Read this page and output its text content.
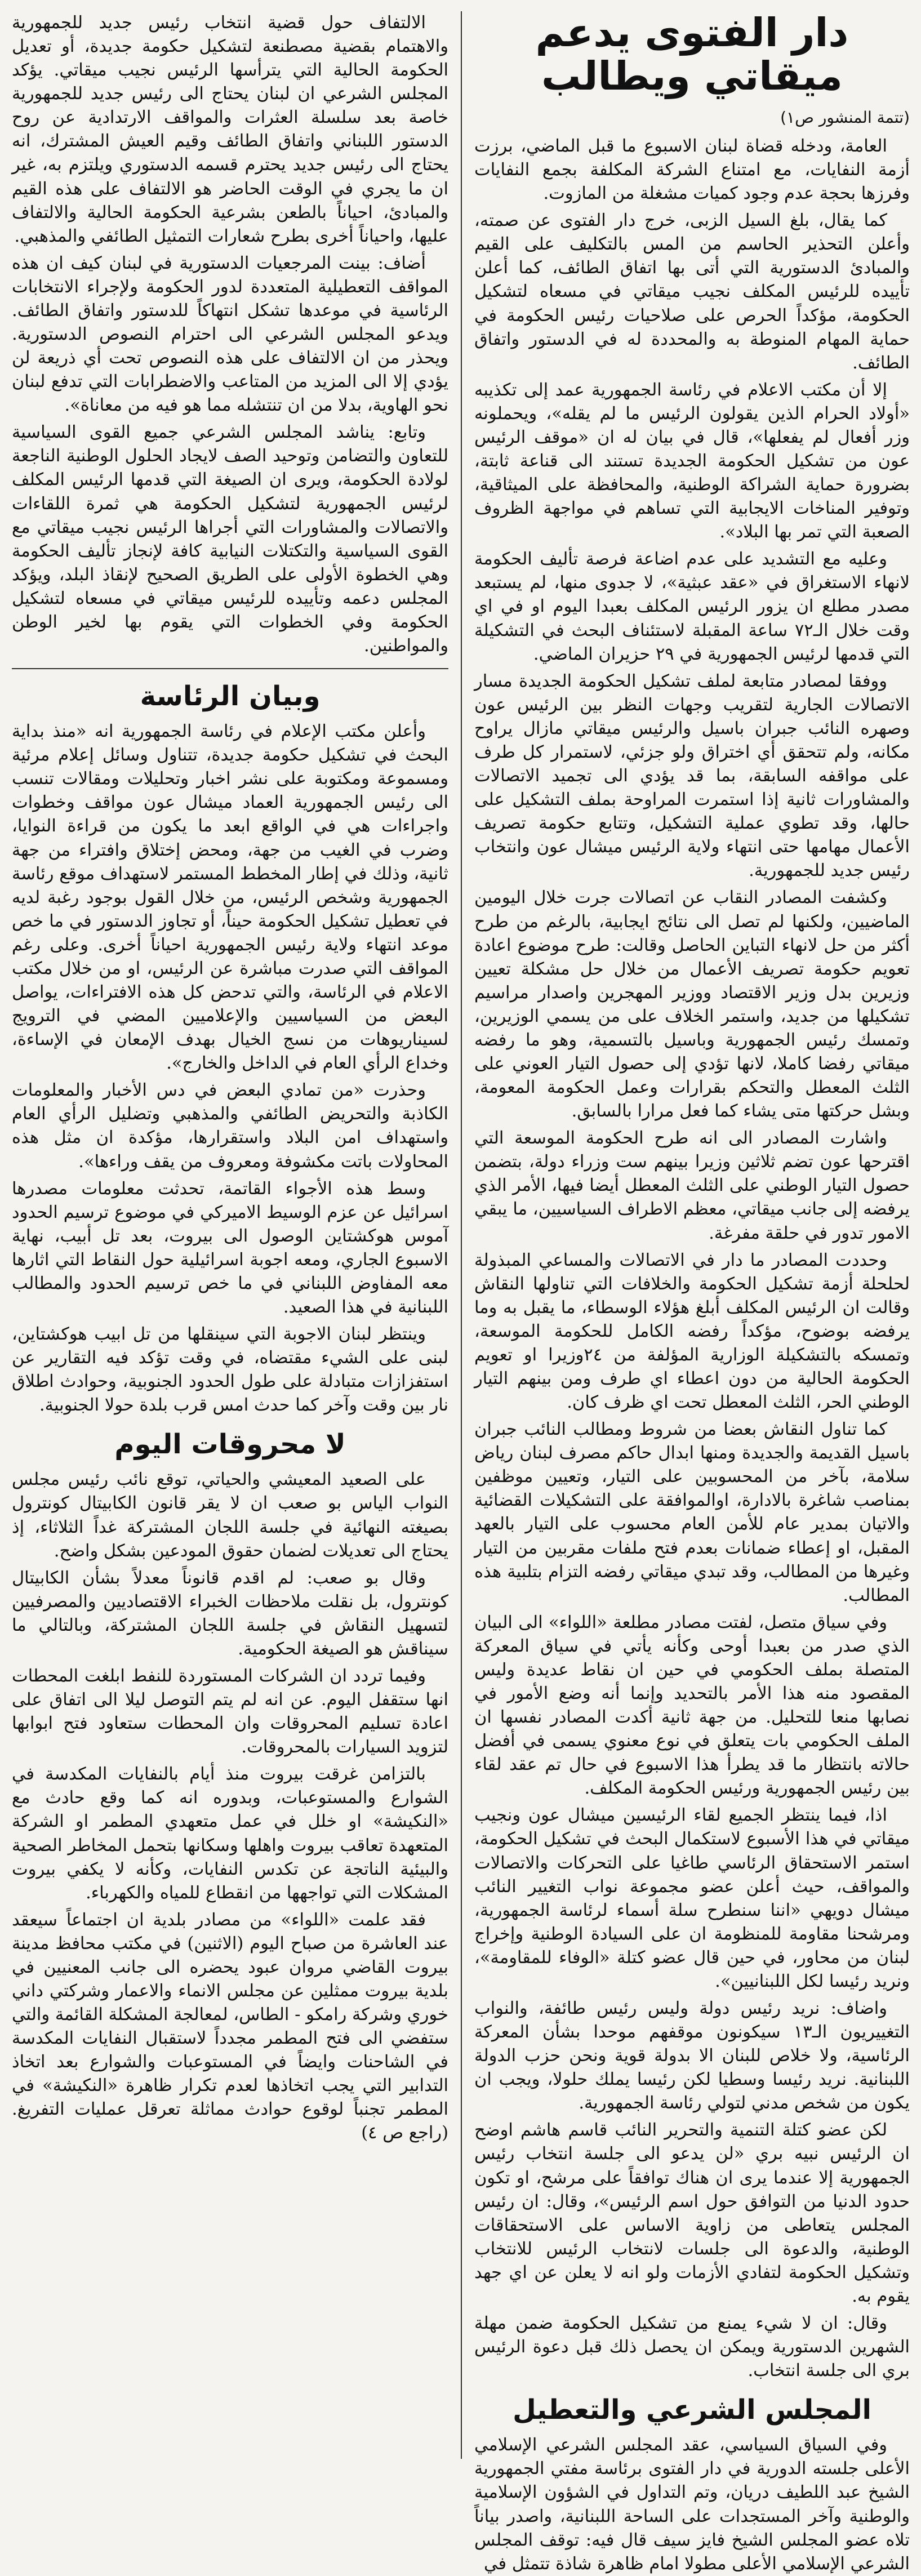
دار الفتوى يدعم ميقاتي ويطالب
(تتمة المنشور ص١)

العامة، ودخله قضاة لبنان الاسبوع ما قبل الماضي، برزت أزمة النفايات، مع امتناع الشركة المكلفة بجمع النفايات وفرزها بحجة عدم وجود كميات مشغلة من المازوت.

كما يقال، بلغ السيل الزبى، خرج دار الفتوى عن صمته، وأعلن التحذير الحاسم من المس بالتكليف على القيم والمبادئ الدستورية التي أتى بها اتفاق الطائف، كما أعلن تأييده للرئيس المكلف نجيب ميقاتي في مسعاه لتشكيل الحكومة، مؤكداً الحرص على صلاحيات رئيس الحكومة في حماية المهام المنوطة به والمحددة له في الدستور واتفاق الطائف.

إلا أن مكتب الاعلام في رئاسة الجمهورية عمد إلى تكذيبه «أولاد الحرام الذين يقولون الرئيس ما لم يقله»، ويحملونه وزر أفعال لم يفعلها»، قال في بيان له ان «موقف الرئيس عون من تشكيل الحكومة الجديدة تستند الى قناعة ثابتة، بضرورة حماية الشراكة الوطنية، والمحافظة على الميثاقية، وتوفير المناخات الايجابية التي تساهم في مواجهة الظروف الصعبة التي تمر بها البلاد».

وعليه مع التشديد على عدم اضاعة فرصة تأليف الحكومة لانهاء الاستغراق في «عقد عبثية»، لا جدوى منها، لم يستبعد مصدر مطلع ان يزور الرئيس المكلف بعبدا اليوم او في اي وقت خلال الـ٧٢ ساعة المقبلة لاستئناف البحث في التشكيلة التي قدمها لرئيس الجمهورية في ٢٩ حزيران الماضي.

ووفقا لمصادر متابعة لملف تشكيل الحكومة الجديدة مسار الاتصالات الجارية لتقريب وجهات النظر بين الرئيس عون وصهره النائب جبران باسيل والرئيس ميقاتي مازال يراوح مكانه، ولم تتحقق أي اختراق ولو جزئي، لاستمرار كل طرف على مواقفه السابقة، بما قد يؤدي الى تجميد الاتصالات والمشاورات ثانية إذا استمرت المراوحة بملف التشكيل على حالها، وقد تطوي عملية التشكيل، وتتابع حكومة تصريف الأعمال مهامها حتى انتهاء ولاية الرئيس ميشال عون وانتخاب رئيس جديد للجمهورية.

وكشفت المصادر النقاب عن اتصالات جرت خلال اليومين الماضيين، ولكنها لم تصل الى نتائج ايجابية، بالرغم من طرح أكثر من حل لانهاء التباين الحاصل وقالت: طرح موضوع اعادة تعويم حكومة تصريف الأعمال من خلال حل مشكلة تعيين وزيرين بدل وزير الاقتصاد ووزير المهجرين واصدار مراسيم تشكيلها من جديد، واستمر الخلاف على من يسمي الوزيرين، وتمسك رئيس الجمهورية وباسيل بالتسمية، وهو ما رفضه ميقاتي رفضا كاملا، لانها تؤدي إلى حصول التيار العوني على الثلث المعطل والتحكم بقرارات وعمل الحكومة المعومة، وبشل حركتها متى يشاء كما فعل مرارا بالسابق.

واشارت المصادر الى انه طرح الحكومة الموسعة التي اقترحها عون تضم ثلاثين وزيرا بينهم ست وزراء دولة، بتضمن حصول التيار الوطني على الثلث المعطل أيضا فيها، الأمر الذي يرفضه إلى جانب ميقاتي، معظم الاطراف السياسيين، ما يبقي الامور تدور في حلقة مفرغة.

وحددت المصادر ما دار في الاتصالات والمساعي المبذولة لحلحلة أزمة تشكيل الحكومة والخلافات التي تناولها النقاش وقالت ان الرئيس المكلف أبلغ هؤلاء الوسطاء، ما يقبل به وما يرفضه بوضوح، مؤكداً رفضه الكامل للحكومة الموسعة، وتمسكه بالتشكيلة الوزارية المؤلفة من ٢٤وزيرا او تعويم الحكومة الحالية من دون اعطاء اي طرف ومن بينهم التيار الوطني الحر، الثلث المعطل تحت اي ظرف كان.

كما تناول النقاش بعضا من شروط ومطالب النائب جبران باسيل القديمة والجديدة ومنها ابدال حاكم مصرف لبنان رياض سلامة، بآخر من المحسوبين على التيار، وتعيين موظفين بمناصب شاغرة بالادارة، اوالموافقة على التشكيلات القضائية والاتيان بمدير عام للأمن العام محسوب على التيار بالعهد المقبل، او إعطاء ضمانات بعدم فتح ملفات مقربين من التيار وغيرها من المطالب، وقد تبدي ميقاتي رفضه التزام بتلبية هذه المطالب.

وفي سياق متصل، لفتت مصادر مطلعة «اللواء» الى البيان الذي صدر من بعبدا أوحى وكأنه يأتي في سياق المعركة المتصلة بملف الحكومي في حين ان نقاط عديدة وليس المقصود منه هذا الأمر بالتحديد وإنما أنه وضع الأمور في نصابها منعا للتحليل. من جهة ثانية أكدت المصادر نفسها ان الملف الحكومي بات يتعلق في نوع معنوي يسمى في أفضل حالاته بانتظار ما قد يطرأ هذا الاسبوع في حال تم عقد لقاء بين رئيس الجمهورية ورئيس الحكومة المكلف.

اذا، فيما ينتظر الجميع لقاء الرئيسين ميشال عون ونجيب ميقاتي في هذا الأسبوع لاستكمال البحث في تشكيل الحكومة، استمر الاستحقاق الرئاسي طاغيا على التحركات والاتصالات والمواقف، حيث أعلن عضو مجموعة نواب التغيير النائب ميشال دويهي «اننا سنطرح سلة أسماء لرئاسة الجمهورية، ومرشحنا مقاومة للمنظومة ان على السيادة الوطنية وإخراج لبنان من محاور، في حين قال عضو كتلة «الوفاء للمقاومة»، ونريد رئيسا لكل اللبنانيين».

واضاف: نريد رئيس دولة وليس رئيس طائفة، والنواب التغييريون الـ١٣ سيكونون موقفهم موحدا بشأن المعركة الرئاسية، ولا خلاص للبنان الا بدولة قوية ونحن حزب الدولة اللبنانية. نريد رئيسا وسطيا لكن رئيسا يملك حلولا، ويجب ان يكون من شخص مدني لتولي رئاسة الجمهورية.

لكن عضو كتلة التنمية والتحرير النائب قاسم هاشم اوضح ان الرئيس نبيه بري «لن يدعو الى جلسة انتخاب رئيس الجمهورية إلا عندما يرى ان هناك توافقاً على مرشح، او تكون حدود الدنيا من التوافق حول اسم الرئيس»، وقال: ان رئيس المجلس يتعاطى من زاوية الاساس على الاستحقاقات الوطنية، والدعوة الى جلسات لانتخاب الرئيس للانتخاب وتشكيل الحكومة لتفادي الأزمات ولو انه لا يعلن عن اي جهد يقوم به.

وقال: ان لا شيء يمنع من تشكيل الحكومة ضمن مهلة الشهرين الدستورية ويمكن ان يحصل ذلك قبل دعوة الرئيس بري الى جلسة انتخاب.

المجلس الشرعي والتعطيل

وفي السياق السياسي، عقد المجلس الشرعي الإسلامي الأعلى جلسته الدورية في دار الفتوى برئاسة مفتي الجمهورية الشيخ عبد اللطيف دريان، وتم التداول في الشؤون الإسلامية والوطنية وآخر المستجدات على الساحة اللبنانية، واصدر بياناً تلاه عضو المجلس الشيخ فايز سيف قال فيه: توقف المجلس الشرعي الإسلامي الأعلى مطولا امام ظاهرة شاذة تتمثل في

الالتفاف حول قضية انتخاب رئيس جديد للجمهورية والاهتمام بقضية مصطنعة لتشكيل حكومة جديدة، أو تعديل الحكومة الحالية التي يترأسها الرئيس نجيب ميقاتي. يؤكد المجلس الشرعي ان لبنان يحتاج الى رئيس جديد للجمهورية خاصة بعد سلسلة العثرات والمواقف الارتدادية عن روح الدستور اللبناني واتفاق الطائف وقيم العيش المشترك، انه يحتاج الى رئيس جديد يحترم قسمه الدستوري ويلتزم به، غير ان ما يجري في الوقت الحاضر هو الالتفاف على هذه القيم والمبادئ، احياناً بالطعن بشرعية الحكومة الحالية والالتفاف عليها، واحياناً أخرى بطرح شعارات التمثيل الطائفي والمذهبي.

أضاف: بينت المرجعيات الدستورية في لبنان كيف ان هذه المواقف التعطيلية المتعددة لدور الحكومة ولإجراء الانتخابات الرئاسية في موعدها تشكل انتهاكاً للدستور واتفاق الطائف. ويدعو المجلس الشرعي الى احترام النصوص الدستورية. ويحذر من ان الالتفاف على هذه النصوص تحت أي ذريعة لن يؤدي إلا الى المزيد من المتاعب والاضطرابات التي تدفع لبنان نحو الهاوية، بدلا من ان تنتشله مما هو فيه من معاناة».

وتابع: يناشد المجلس الشرعي جميع القوى السياسية للتعاون والتضامن وتوحيد الصف لايجاد الحلول الوطنية الناجعة لولادة الحكومة، ويرى ان الصيغة التي قدمها الرئيس المكلف لرئيس الجمهورية لتشكيل الحكومة هي ثمرة اللقاءات والاتصالات والمشاورات التي أجراها الرئيس نجيب ميقاتي مع القوى السياسية والتكتلات النيابية كافة لإنجاز تأليف الحكومة وهي الخطوة الأولى على الطريق الصحيح لإنقاذ البلد، ويؤكد المجلس دعمه وتأييده للرئيس ميقاتي في مسعاه لتشكيل الحكومة وفي الخطوات التي يقوم بها لخير الوطن والمواطنين.

وبيان الرئاسة

وأعلن مكتب الإعلام في رئاسة الجمهورية انه «منذ بداية البحث في تشكيل حكومة جديدة، تتناول وسائل إعلام مرئية ومسموعة ومكتوبة على نشر اخبار وتحليلات ومقالات تنسب الى رئيس الجمهورية العماد ميشال عون مواقف وخطوات واجراءات هي في الواقع ابعد ما يكون من قراءة النوايا، وضرب في الغيب من جهة، ومحض إختلاق وافتراء من جهة ثانية، وذلك في إطار المخطط المستمر لاستهداف موقع رئاسة الجمهورية وشخص الرئيس، من خلال القول بوجود رغبة لديه في تعطيل تشكيل الحكومة حيناً، أو تجاوز الدستور في ما خص موعد انتهاء ولاية رئيس الجمهورية احياناً أخرى. وعلى رغم المواقف التي صدرت مباشرة عن الرئيس، او من خلال مكتب الاعلام في الرئاسة، والتي تدحض كل هذه الافتراءات، يواصل البعض من السياسيين والإعلاميين المضي في الترويج لسيناريوهات من نسج الخيال بهدف الإمعان في الإساءة، وخداع الرأي العام في الداخل والخارج».

وحذرت «من تمادي البعض في دس الأخبار والمعلومات الكاذبة والتحريض الطائفي والمذهبي وتضليل الرأي العام واستهداف امن البلاد واستقرارها، مؤكدة ان مثل هذه المحاولات باتت مكشوفة ومعروف من يقف وراءها».

وسط هذه الأجواء القاتمة، تحدثت معلومات مصدرها اسرائيل عن عزم الوسيط الاميركي في موضوع ترسيم الحدود آموس هوكشتاين الوصول الى بيروت، بعد تل أبيب، نهاية الاسبوع الجاري، ومعه اجوبة اسرائيلية حول النقاط التي اثارها معه المفاوض اللبناني في ما خص ترسيم الحدود والمطالب اللبنانية في هذا الصعيد.

وينتظر لبنان الاجوبة التي سينقلها من تل ابيب هوكشتاين، لبنى على الشيء مقتضاه، في وقت تؤكد فيه التقارير عن استفزازات متبادلة على طول الحدود الجنوبية، وحوادث اطلاق نار بين وقت وآخر كما حدث امس قرب بلدة حولا الجنوبية.

لا محروقات اليوم

على الصعيد المعيشي والحياتي، توقع نائب رئيس مجلس النواب الياس بو صعب ان لا يقر قانون الكابيتال كونترول بصيغته النهائية في جلسة اللجان المشتركة غداً الثلاثاء، إذ يحتاج الى تعديلات لضمان حقوق المودعين بشكل واضح.

وقال بو صعب: لم اقدم قانوناً معدلاً بشأن الكابيتال كونترول، بل نقلت ملاحظات الخبراء الاقتصاديين والمصرفيين لتسهيل النقاش في جلسة اللجان المشتركة، وبالتالي ما سيناقش هو الصيغة الحكومية.

وفيما تردد ان الشركات المستوردة للنفط ابلغت المحطات انها ستقفل اليوم. عن انه لم يتم التوصل ليلا الى اتفاق على اعادة تسليم المحروقات وان المحطات ستعاود فتح ابوابها لتزويد السيارات بالمحروقات.

بالتزامن غرقت بيروت منذ أيام بالنفايات المكدسة في الشوارع والمستوعبات، وبدوره انه كما وقع حادث مع «النكيشة» او خلل في عمل متعهدي المطمر او الشركة المتعهدة تعاقب بيروت واهلها وسكانها بتحمل المخاطر الصحية والبيئية الناتجة عن تكدس النفايات، وكأنه لا يكفي بيروت المشكلات التي تواجهها من انقطاع للمياه والكهرباء.

فقد علمت «اللواء» من مصادر بلدية ان اجتماعاً سيعقد عند العاشرة من صباح اليوم (الاثنين) في مكتب محافظ مدينة بيروت القاضي مروان عبود يحضره الى جانب المعنيين في بلدية بيروت ممثلين عن مجلس الانماء والاعمار وشركتي داني خوري وشركة رامكو - الطاس، لمعالجة المشكلة القائمة والتي ستفضي الى فتح المطمر مجدداً لاستقبال النفايات المكدسة في الشاحنات وايضاً في المستوعبات والشوارع بعد اتخاذ التدابير التي يجب اتخاذها لعدم تكرار ظاهرة «النكيشة» في المطمر تجنباً لوقوع حوادث مماثلة تعرقل عمليات التفريغ. (راجع ص ٤)
